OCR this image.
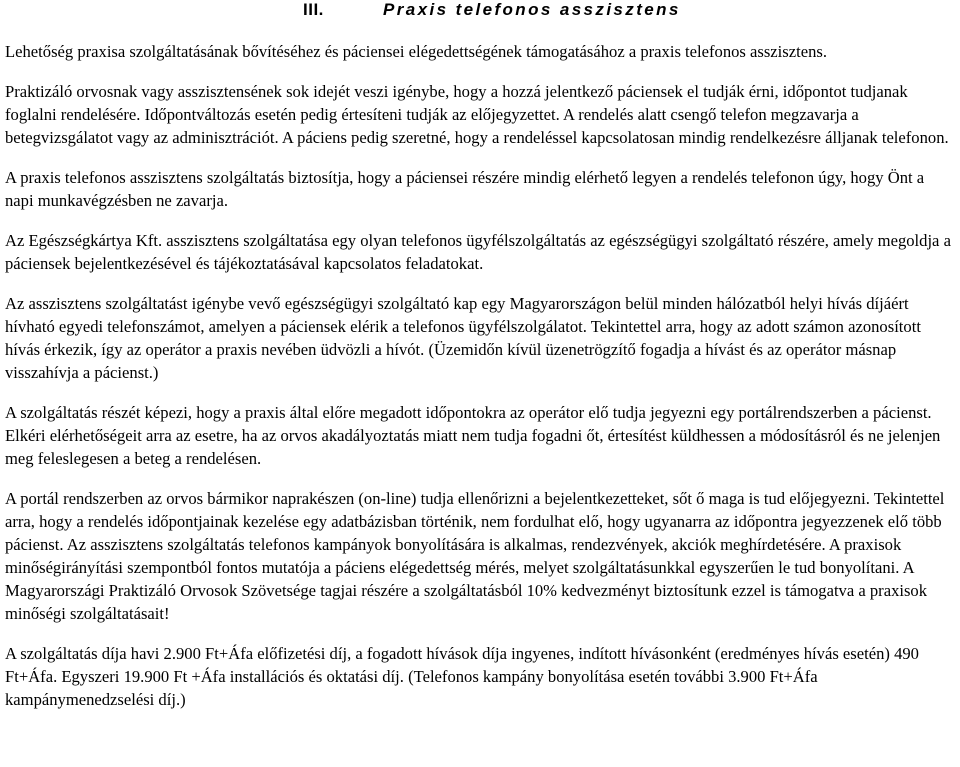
III.	Praxis telefonos asszisztens

Lehetőség praxisa szolgáltatásának bővítéséhez és páciensei elégedettségének támogatásához a praxis telefonos asszisztens.

Praktizáló orvosnak vagy asszisztensének sok idejét veszi igénybe, hogy a hozzá jelentkező páciensek el tudják érni, időpontot tudjanak foglalni rendelésére. Időpontváltozás esetén pedig értesíteni tudják az előjegyzettet. A rendelés alatt csengő telefon megzavarja a betegvizsgálatot vagy az adminisztrációt. A páciens pedig szeretné, hogy a rendeléssel kapcsolatosan mindig rendelkezésre álljanak telefonon.

A praxis telefonos asszisztens szolgáltatás biztosítja, hogy a páciensei részére mindig elérhető legyen a rendelés telefonon úgy, hogy Önt a napi munkavégzésben ne zavarja.

Az Egészségkártya Kft. asszisztens szolgáltatása egy olyan telefonos ügyfélszolgáltatás az egészségügyi szolgáltató részére, amely megoldja a páciensek bejelentkezésével és tájékoztatásával kapcsolatos feladatokat.

Az asszisztens szolgáltatást igénybe vevő egészségügyi szolgáltató kap egy Magyarországon belül minden hálózatból helyi hívás díjáért hívható egyedi telefonszámot, amelyen a páciensek elérik a telefonos ügyfélszolgálatot. Tekintettel arra, hogy az adott számon azonosított hívás érkezik, így az operátor a praxis nevében üdvözli a hívót. (Üzemidőn kívül üzenetrögzítő fogadja a hívást és az operátor másnap visszahívja a pácienst.)

A szolgáltatás részét képezi, hogy a praxis által előre megadott időpontokra az operátor elő tudja jegyezni egy portálrendszerben a pácienst. Elkéri elérhetőségeit arra az esetre, ha az orvos akadályoztatás miatt nem tudja fogadni őt, értesítést küldhessen a módosításról és ne jelenjen meg feleslegesen a beteg a rendelésen.

A portál rendszerben az orvos bármikor naprakészen (on-line) tudja ellenőrizni a bejelentkezetteket, sőt ő maga is tud előjegyezni. Tekintettel arra, hogy a rendelés időpontjainak kezelése egy adatbázisban történik, nem fordulhat elő, hogy ugyanarra az időpontra jegyezzenek elő több pácienst. Az asszisztens szolgáltatás telefonos kampányok bonyolítására is alkalmas, rendezvények, akciók meghírdetésére. A praxisok minőségirányítási szempontból fontos mutatója a páciens elégedettség mérés, melyet szolgáltatásunkkal egyszerűen le tud bonyolítani. A Magyarországi Praktizáló Orvosok Szövetsége tagjai részére a szolgáltatásból 10% kedvezményt biztosítunk ezzel is támogatva a praxisok minőségi szolgáltatásait!

A szolgáltatás díja havi 2.900 Ft+Áfa előfizetési díj, a fogadott hívások díja ingyenes, indított hívásonként (eredményes hívás esetén) 490 Ft+Áfa. Egyszeri 19.900 Ft +Áfa installációs és oktatási díj. (Telefonos kampány bonyolítása esetén további 3.900 Ft+Áfa kampánymenedzselési díj.)
